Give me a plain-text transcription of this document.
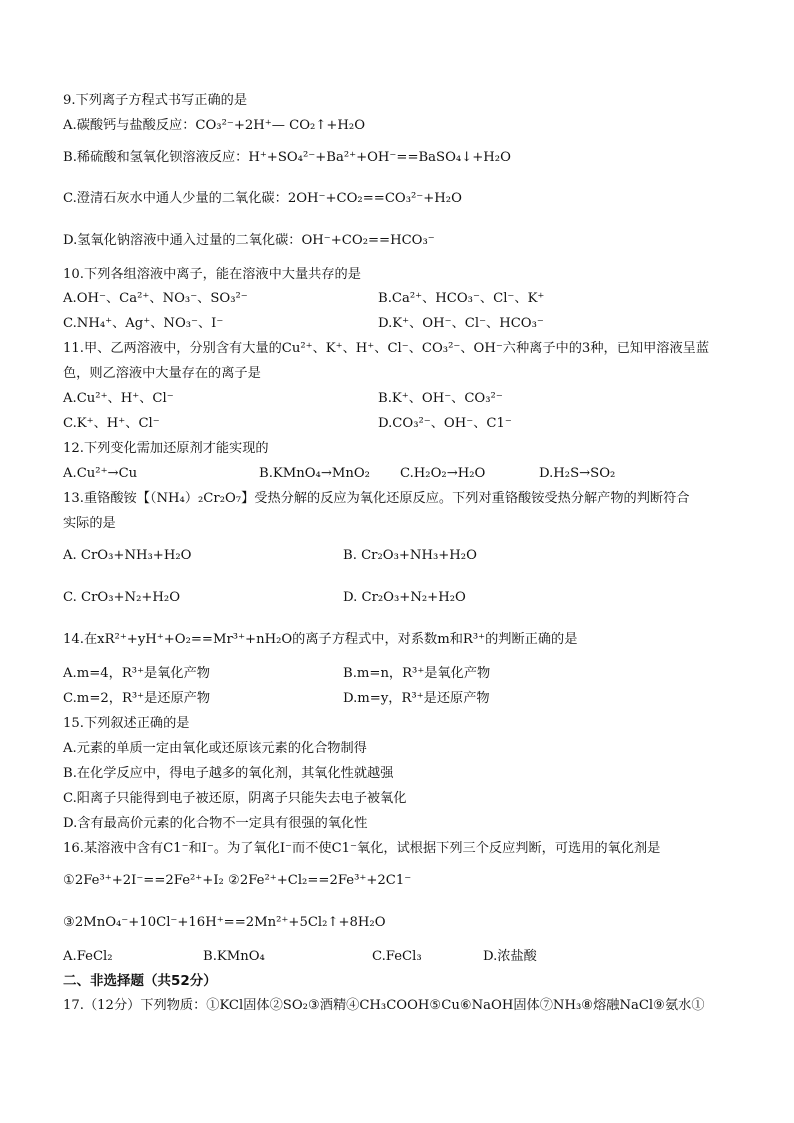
9.下列离子方程式书写正确的是
A.碳酸钙与盐酸反应：CO₃²⁻+2H⁺— CO₂↑+H₂O
B.稀硫酸和氢氧化钡溶液反应：H⁺+SO₄²⁻+Ba²⁺+OH⁻==BaSO₄↓+H₂O
C.澄清石灰水中通人少量的二氧化碳：2OH⁻+CO₂==CO₃²⁻+H₂O
D.氢氧化钠溶液中通入过量的二氧化碳：OH⁻+CO₂==HCO₃⁻
10.下列各组溶液中离子，能在溶液中大量共存的是
A.OH⁻、Ca²⁺、NO₃⁻、SO₃²⁻	B.Ca²⁺、HCO₃⁻、Cl⁻、K⁺
C.NH₄⁺、Ag⁺、NO₃⁻、I⁻	D.K⁺、OH⁻、Cl⁻、HCO₃⁻
11.甲、乙两溶液中，分别含有大量的Cu²⁺、K⁺、H⁺、Cl⁻、CO₃²⁻、OH⁻六种离子中的3种，已知甲溶液呈蓝
色，则乙溶液中大量存在的离子是
A.Cu²⁺、H⁺、Cl⁻	B.K⁺、OH⁻、CO₃²⁻
C.K⁺、H⁺、Cl⁻	D.CO₃²⁻、OH⁻、C1⁻
12.下列变化需加还原剂才能实现的
A.Cu²⁺→Cu	B.KMnO₄→MnO₂ C.H₂O₂→H₂O	D.H₂S→SO₂
13.重铬酸铵【（NH₄）₂Cr₂O₇】受热分解的反应为氧化还原反应。下列对重铬酸铵受热分解产物的判断符合
实际的是
A. CrO₃+NH₃+H₂O	B. Cr₂O₃+NH₃+H₂O
C. CrO₃+N₂+H₂O	D. Cr₂O₃+N₂+H₂O
14.在xR²⁺+yH⁺+O₂==Mr³⁺+nH₂O的离子方程式中，对系数m和R³⁺的判断正确的是
A.m=4，R³⁺是氧化产物	B.m=n，R³⁺是氧化产物
C.m=2，R³⁺是还原产物	D.m=y，R³⁺是还原产物
15.下列叙述正确的是
A.元素的单质一定由氧化或还原该元素的化合物制得
B.在化学反应中，得电子越多的氧化剂，其氧化性就越强
C.阳离子只能得到电子被还原，阴离子只能失去电子被氧化
D.含有最高价元素的化合物不一定具有很强的氧化性
16.某溶液中含有C1⁻和I⁻。为了氧化I⁻而不使C1⁻氧化，试根据下列三个反应判断，可选用的氧化剂是
①2Fe³⁺+2I⁻==2Fe²⁺+I₂ ②2Fe²⁺+Cl₂==2Fe³⁺+2C1⁻
③2MnO₄⁻+10Cl⁻+16H⁺==2Mn²⁺+5Cl₂↑+8H₂O
A.FeCl₂	B.KMnO₄	C.FeCl₃	D.浓盐酸
二、非选择题（共52分）
17.（12分）下列物质：①KCl固体②SO₂③酒精④CH₃COOH⑤Cu⑥NaOH固体⑦NH₃⑧熔融NaCl⑨氨水①
